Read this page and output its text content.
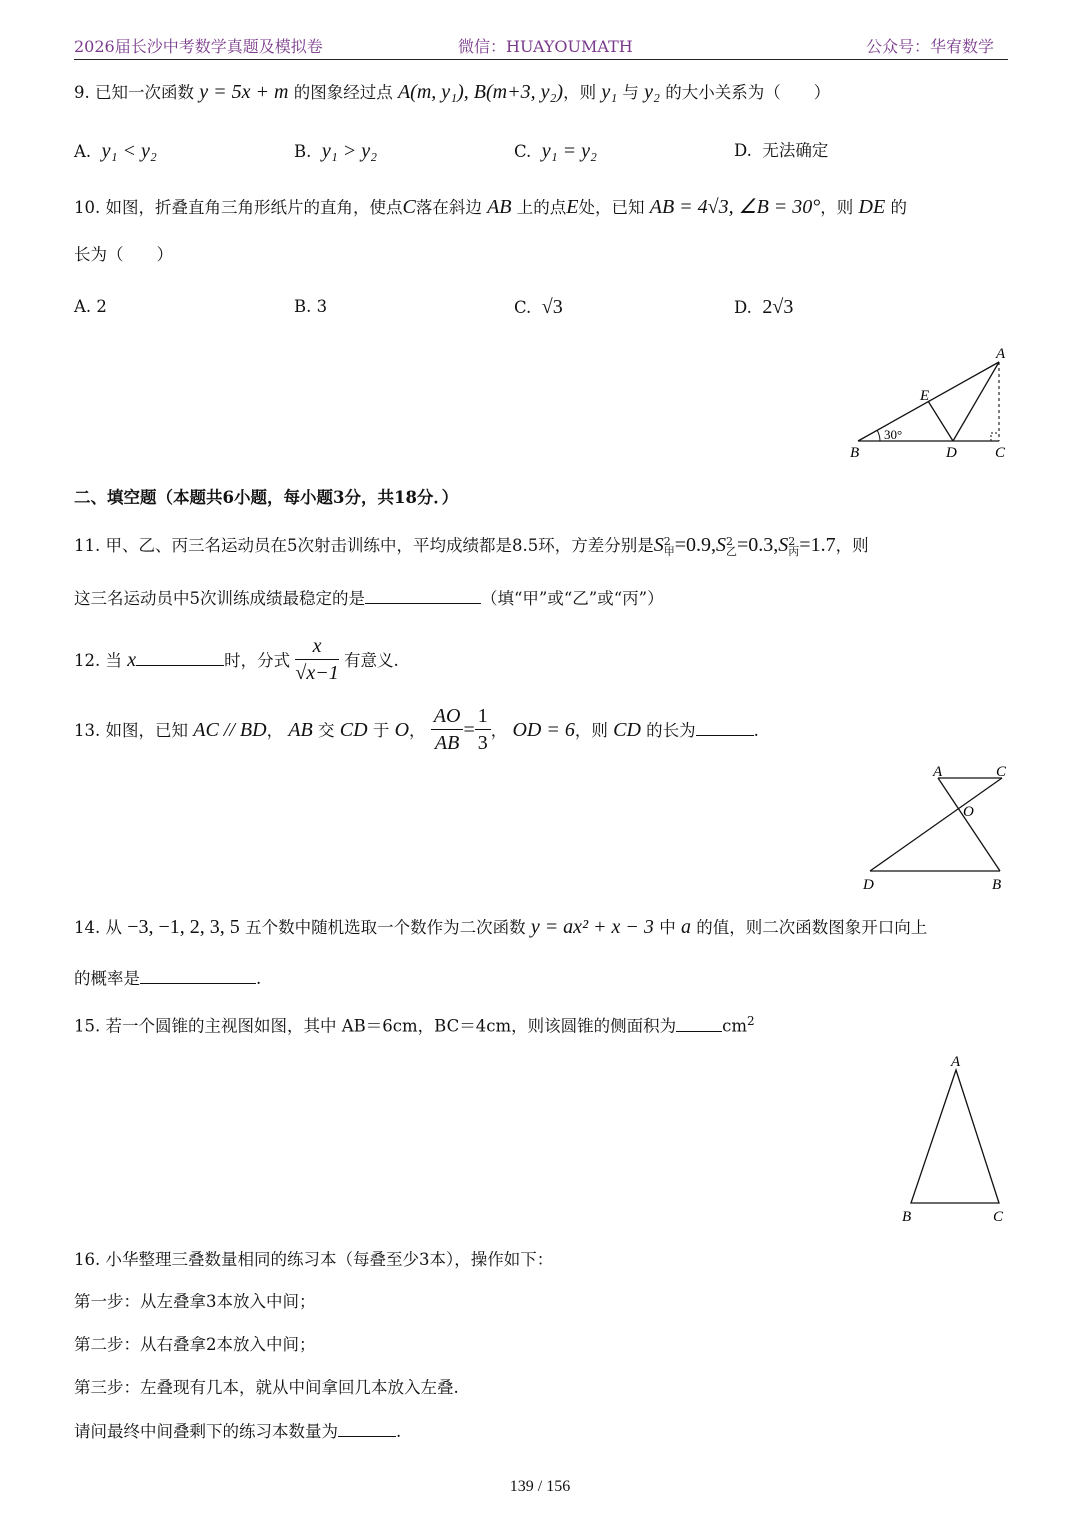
2026届长沙中考数学真题及模拟卷	微信：HUAYOUMATH	公众号：华宥数学
9. 已知一次函数 y = 5x + m 的图象经过点 A(m, y₁), B(m+3, y₂)，则 y₁ 与 y₂ 的大小关系为（　　）
A. y₁ < y₂	B. y₁ > y₂	C. y₁ = y₂	D. 无法确定
10. 如图，折叠直角三角形纸片的直角，使点C落在斜边 AB 上的点E处，已知 AB = 4√3, ∠B = 30°，则 DE 的
长为（　　）
A. 2	B. 3	C. √3	D. 2√3
30°
A
E
B	D	C
二、填空题（本题共6小题，每小题3分，共18分．）
11. 甲、乙、丙三名运动员在5次射击训练中，平均成绩都是8.5环，方差分别是S 2
甲 =0.9,S 2
乙 =0.3,S 2
丙 =1.7，则
这三名运动员中5次训练成绩最稳定的是	（填“甲”或“乙”或“丙”）
12. 当 x	时，分式 $\frac{x}{√x-1}$ 有意义.
13. 如图，已知 AC // BD， AB 交 CD 于 O， $\frac{AO}{AB} = \frac{1}{3}$ ， OD = 6，则 CD 的长为	.
A	C
O
D	B
14. 从 −3, −1, 2, 3, 5 五个数中随机选取一个数作为二次函数 y = ax² + x − 3 中 a 的值，则二次函数图象开口向上
的概率是	.
15. 若一个圆锥的主视图如图，其中 AB＝6cm，BC＝4cm，则该圆锥的侧面积为	$cm^2$
A
B	C
16. 小华整理三叠数量相同的练习本（每叠至少3本），操作如下：
第一步：从左叠拿3本放入中间；
第二步：从右叠拿2本放入中间；
第三步：左叠现有几本，就从中间拿回几本放入左叠.
请问最终中间叠剩下的练习本数量为	.
139 / 156
